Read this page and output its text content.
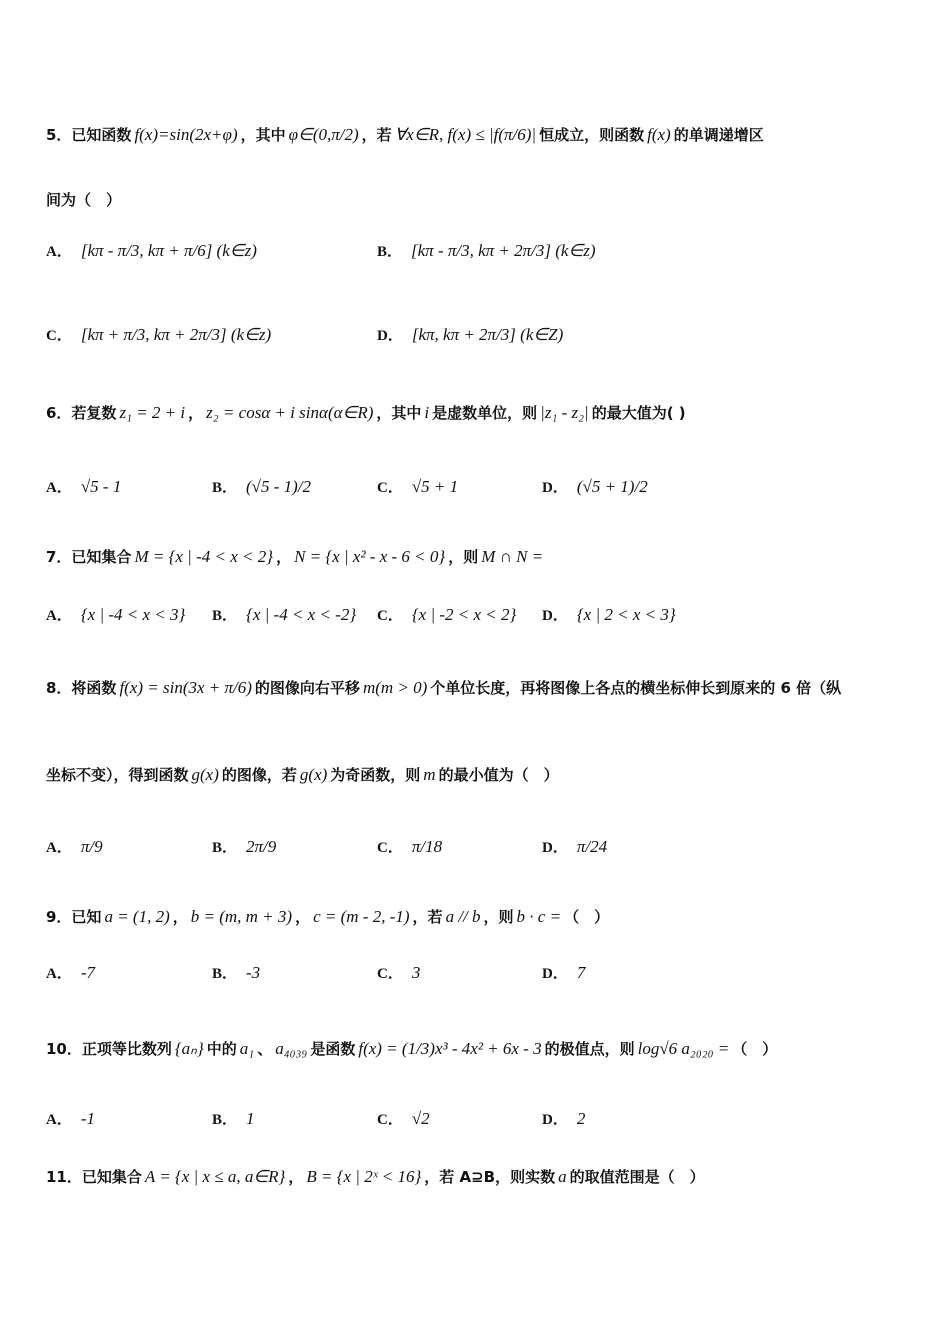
5．已知函数 f(x)=sin(2x+φ) ，其中 φ∈(0,π/2) ，若 ∀x∈R, f(x) ≤ |f(π/6)| 恒成立，则函数 f(x) 的单调递增区
间为（　）
A． [kπ - π/3, kπ + π/6] (k∈z)	B． [kπ - π/3, kπ + 2π/3] (k∈z)
C． [kπ + π/3, kπ + 2π/3] (k∈z)	D． [kπ, kπ + 2π/3] (k∈Z)
6．若复数 z₁ = 2 + i ， z₂ = cosα + i sinα(α∈R) ，其中 i 是虚数单位，则 |z₁ - z₂| 的最大值为( )
A． √5 - 1	B． (√5 - 1)/2	C． √5 + 1	D． (√5 + 1)/2
7．已知集合 M = {x | -4 < x < 2} ， N = {x | x² - x - 6 < 0} ，则 M ∩ N =
A． {x | -4 < x < 3} B． {x | -4 < x < -2} C． {x | -2 < x < 2} D． {x | 2 < x < 3}
8．将函数 f(x) = sin(3x + π/6) 的图像向右平移 m(m > 0) 个单位长度，再将图像上各点的横坐标伸长到原来的 6 倍（纵
坐标不变），得到函数 g(x) 的图像，若 g(x) 为奇函数，则 m 的最小值为（　）
A． π/9	B． 2π/9	C． π/18	D． π/24
9．已知 a = (1, 2) ， b = (m, m + 3) ， c = (m - 2, -1) ，若 a // b ，则 b · c = （　）
A． -7	B． -3	C． 3	D． 7
10．正项等比数列 {aₙ} 中的 a₁ 、 a₄₀₃₉ 是函数 f(x) = (1/3)x³ - 4x² + 6x - 3 的极值点，则 log√6 a₂₀₂₀ = （　）
A． -1	B． 1	C． √2	D． 2
11．已知集合 A = {x | x ≤ a, a∈R} ， B = {x | 2ˣ < 16} ，若 A⊇B，则实数 a 的取值范围是（　）
